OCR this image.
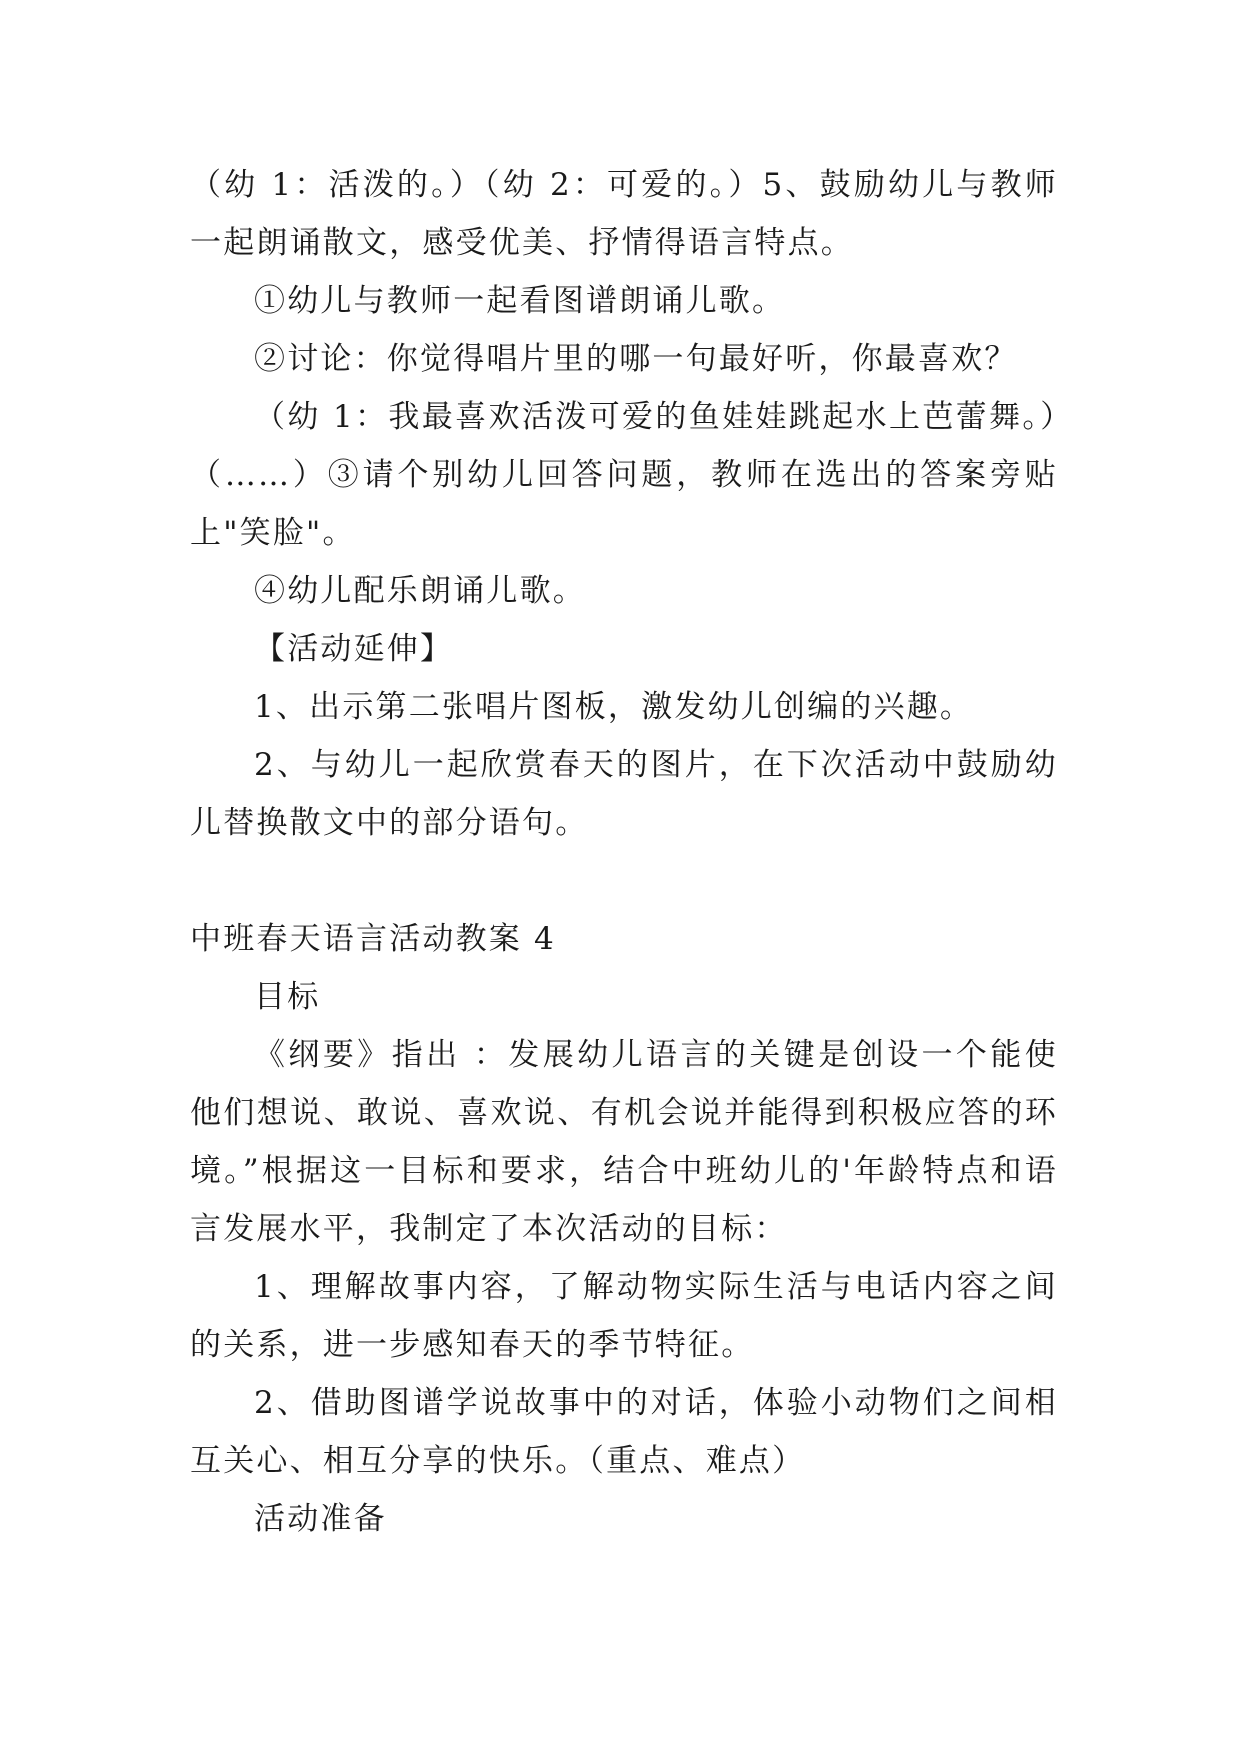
（幼 1：活泼的。）（幼 2：可爱的。）5、鼓励幼儿与教师一起朗诵散文，感受优美、抒情得语言特点。

①幼儿与教师一起看图谱朗诵儿歌。

②讨论：你觉得唱片里的哪一句最好听，你最喜欢？

（幼 1：我最喜欢活泼可爱的鱼娃娃跳起水上芭蕾舞。）（……）③请个别幼儿回答问题，教师在选出的答案旁贴上"笑脸"。

④幼儿配乐朗诵儿歌。

【活动延伸】

1、出示第二张唱片图板，激发幼儿创编的兴趣。

2、与幼儿一起欣赏春天的图片，在下次活动中鼓励幼儿替换散文中的部分语句。

中班春天语言活动教案 4

目标

《纲要》指出 ：发展幼儿语言的关键是创设一个能使他们想说、敢说、喜欢说、有机会说并能得到积极应答的环境。”根据这一目标和要求，结合中班幼儿的'年龄特点和语言发展水平，我制定了本次活动的目标：

1、理解故事内容，了解动物实际生活与电话内容之间的关系，进一步感知春天的季节特征。

2、借助图谱学说故事中的对话，体验小动物们之间相互关心、相互分享的快乐。（重点、难点）

活动准备
